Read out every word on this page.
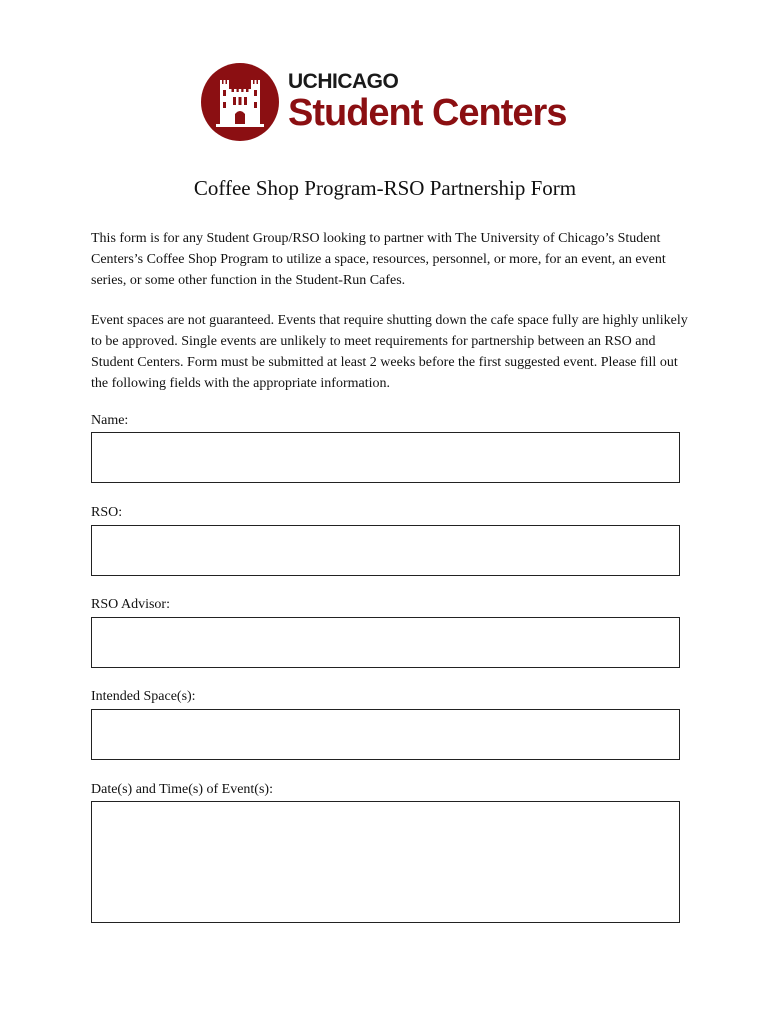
UCHICAGO
Student Centers
Coffee Shop Program-RSO Partnership Form

This form is for any Student Group/RSO looking to partner with The University of Chicago’s Student Centers’s Coffee Shop Program to utilize a space, resources, personnel, or more, for an event, an event series, or some other function in the Student-Run Cafes.

Event spaces are not guaranteed. Events that require shutting down the cafe space fully are highly unlikely to be approved. Single events are unlikely to meet requirements for partnership between an RSO and Student Centers. Form must be submitted at least 2 weeks before the first suggested event. Please fill out the following fields with the appropriate information.

Name:
RSO:
RSO Advisor:
Intended Space(s):
Date(s) and Time(s) of Event(s):
